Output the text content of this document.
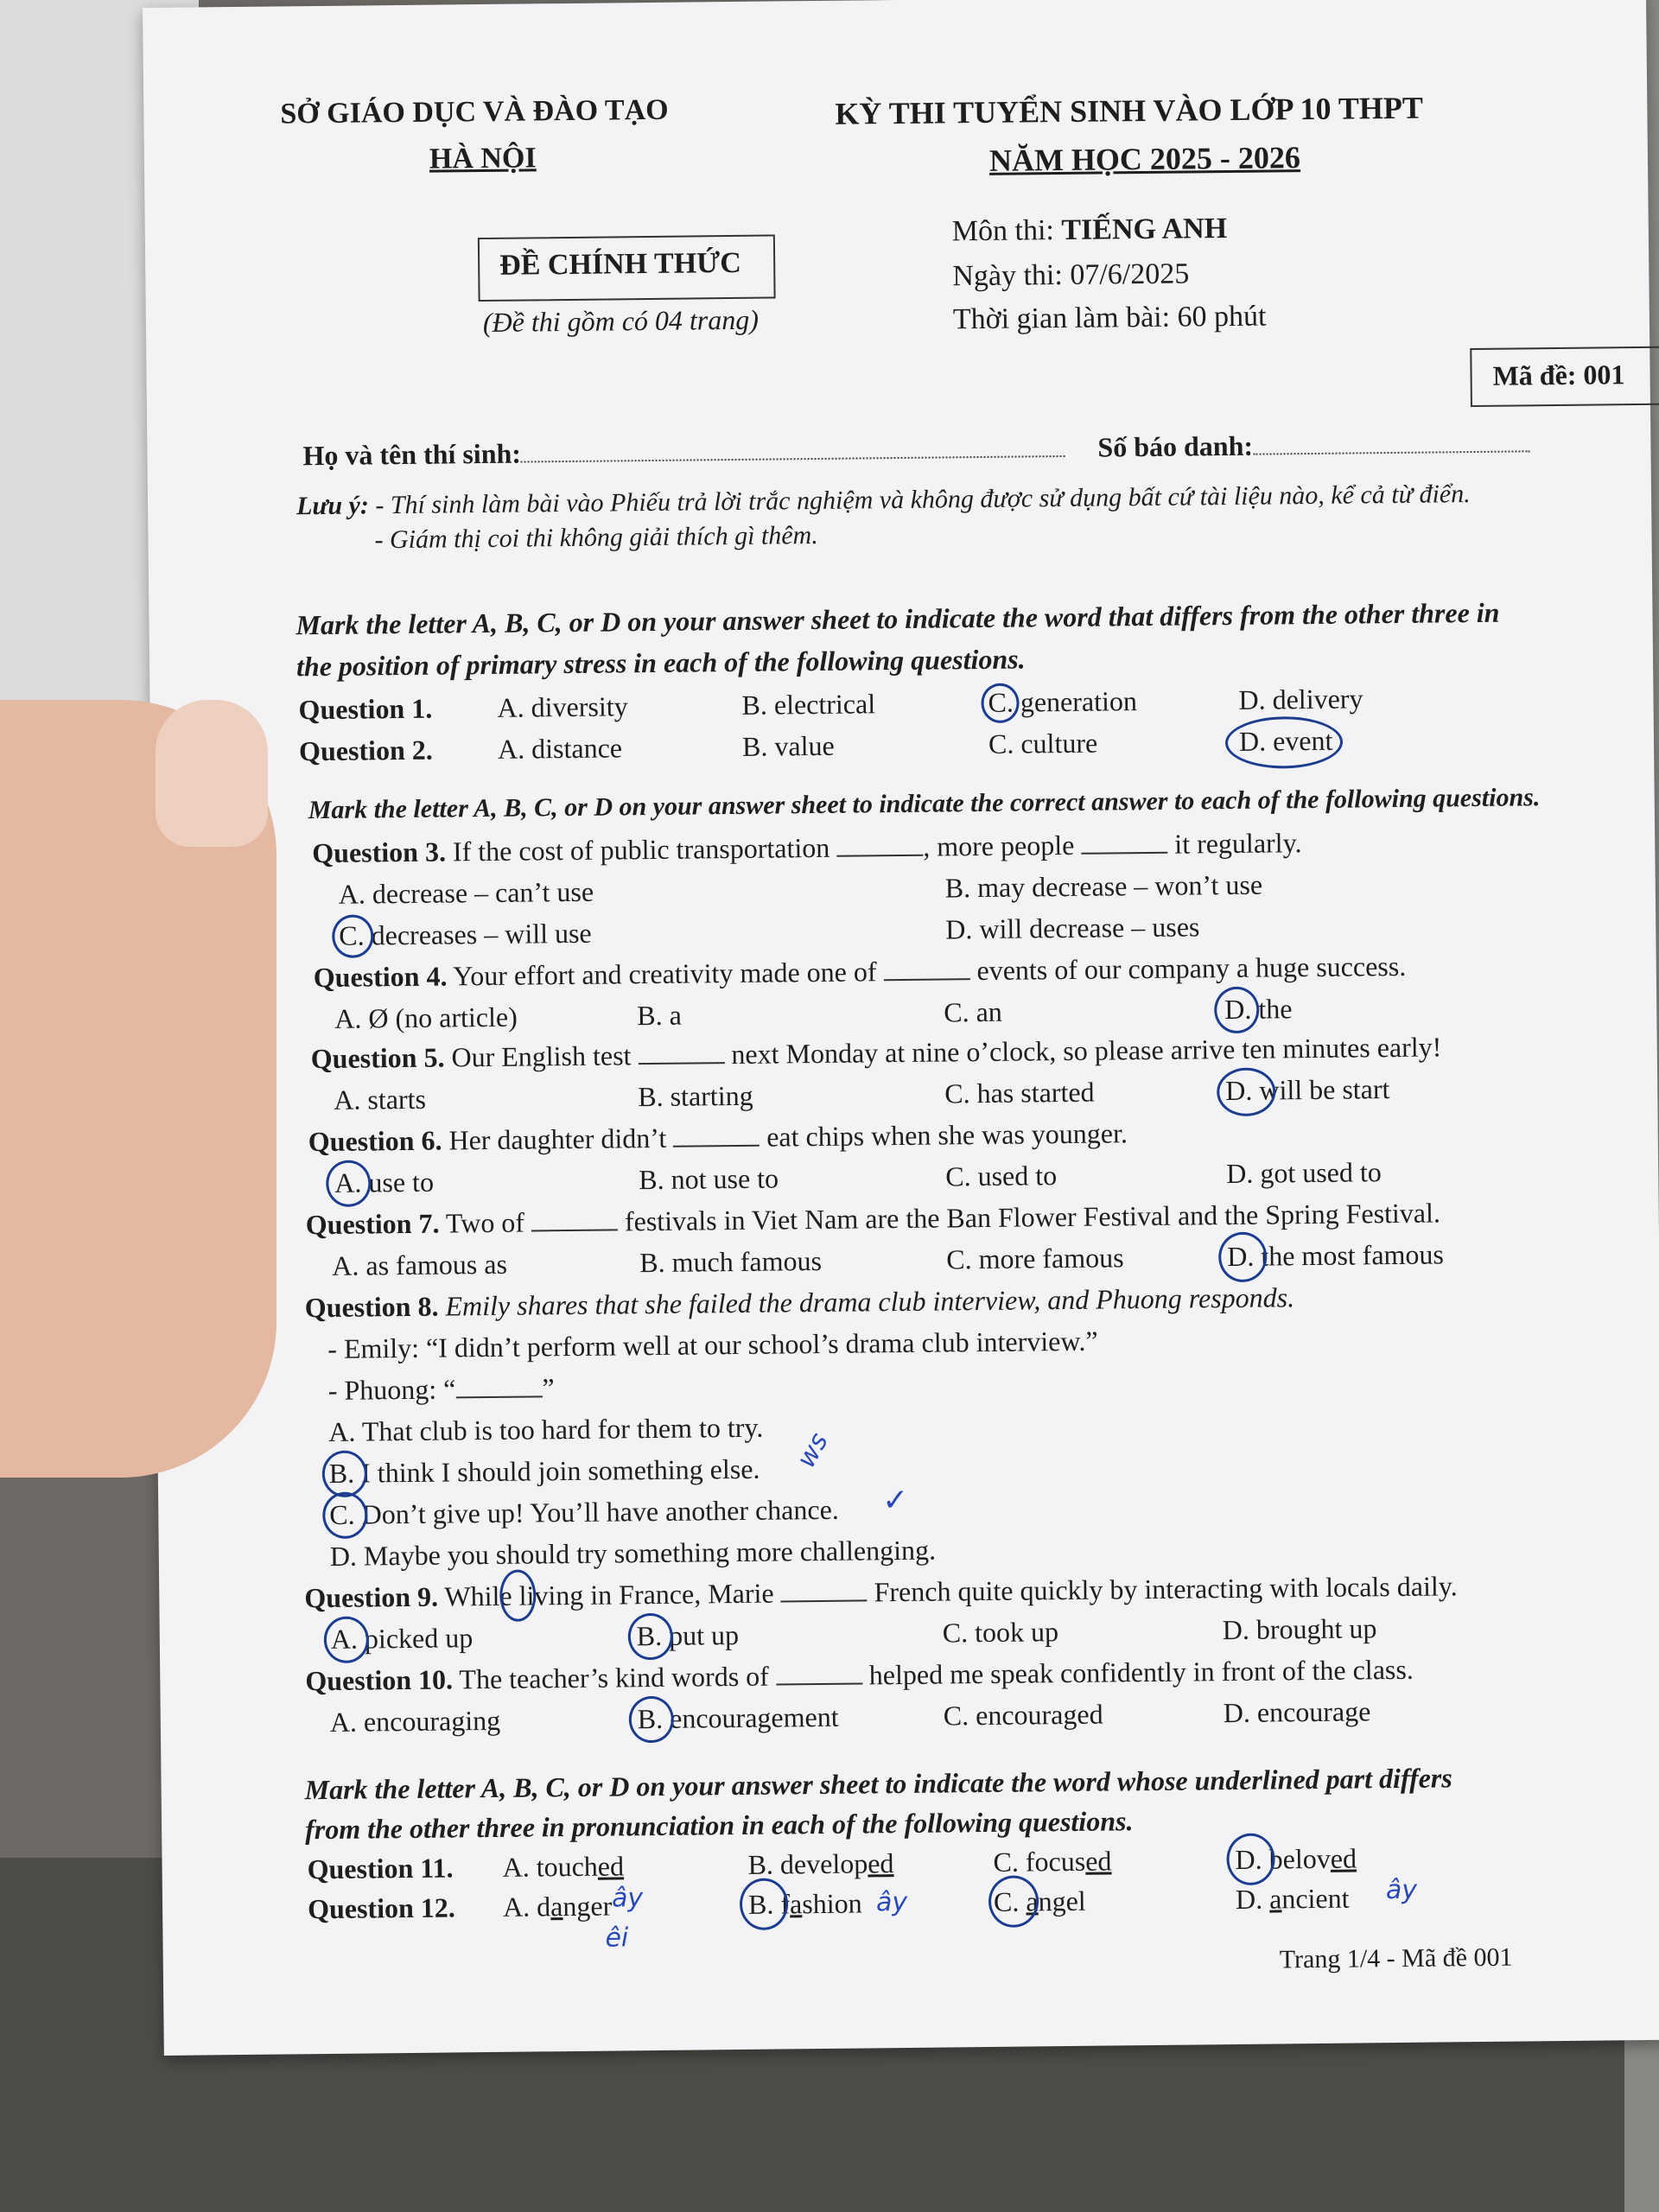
SỞ GIÁO DỤC VÀ ĐÀO TẠO
HÀ NỘI
KỲ THI TUYỂN SINH VÀO LỚP 10 THPT
NĂM HỌC 2025 - 2026
ĐỀ CHÍNH THỨC
(Đề thi gồm có 04 trang)
Môn thi: TIẾNG ANH
Ngày thi: 07/6/2025
Thời gian làm bài: 60 phút
Mã đề: 001
Họ và tên thí sinh:	Số báo danh:
Lưu ý: - Thí sinh làm bài vào Phiếu trả lời trắc nghiệm và không được sử dụng bất cứ tài liệu nào, kể cả từ điển.
- Giám thị coi thi không giải thích gì thêm.
Mark the letter A, B, C, or D on your answer sheet to indicate the word that differs from the other three in
the position of primary stress in each of the following questions.
Question 1. A. diversity	B. electrical	C. generation	D. delivery
Question 2. A. distance	B. value	C. culture	D. event
Mark the letter A, B, C, or D on your answer sheet to indicate the correct answer to each of the following questions.
Question 3. If the cost of public transportation	, more people	it regularly.
A. decrease – can’t use	B. may decrease – won’t use
C. decreases – will use	D. will decrease – uses
Question 4. Your effort and creativity made one of	events of our company a huge success.
A. Ø (no article)	B. a	C. an	D. the
Question 5. Our English test	next Monday at nine o’clock, so please arrive ten minutes early!
A. starts	B. starting	C. has started	D. will be start
Question 6. Her daughter didn’t	eat chips when she was younger.
A. use to	B. not use to	C. used to	D. got used to
Question 7. Two of	festivals in Viet Nam are the Ban Flower Festival and the Spring Festival.
A. as famous as	B. much famous	C. more famous	D. the most famous
Question 8. Emily shares that she failed the drama club interview, and Phuong responds.
- Emily: “I didn’t perform well at our school’s drama club interview.”
- Phuong: “	”
A. That club is too hard for them to try.
B. I think I should join something else.
C. Don’t give up! You’ll have another chance.
D. Maybe you should try something more challenging.
ws
✓
Question 9. While living in France, Marie	French quite quickly by interacting with locals daily.
A. picked up	B. put up	C. took up	D. brought up
Question 10. The teacher’s kind words of	helped me speak confidently in front of the class.
A. encouraging	B. encouragement	C. encouraged	D. encourage
Mark the letter A, B, C, or D on your answer sheet to indicate the word whose underlined part differs
from the other three in pronunciation in each of the following questions.
Question 11. A. touched	B. developed	C. focused	D. beloved
Question 12. A. danger	B. fashion	C. angel	D. ancient
ây
êi
ây	ây
Trang 1/4 - Mã đề 001
